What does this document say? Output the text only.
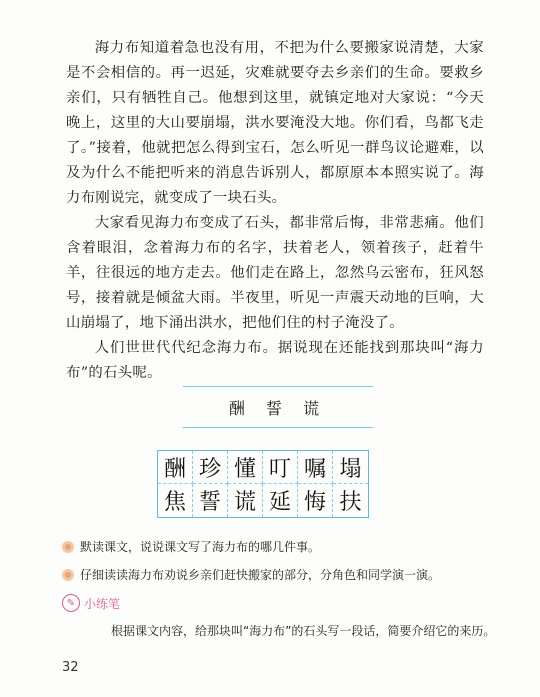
海力布知道着急也没有用，不把为什么要搬家说清楚，大家是不会相信的。再一迟延，灾难就要夺去乡亲们的生命。要救乡亲们，只有牺牲自己。他想到这里，就镇定地对大家说：“今天晚上，这里的大山要崩塌，洪水要淹没大地。你们看，鸟都飞走了。”接着，他就把怎么得到宝石，怎么听见一群鸟议论避难，以及为什么不能把听来的消息告诉别人，都原原本本照实说了。海力布刚说完，就变成了一块石头。

大家看见海力布变成了石头，都非常后悔，非常悲痛。他们含着眼泪，念着海力布的名字，扶着老人，领着孩子，赶着牛羊，往很远的地方走去。他们走在路上，忽然乌云密布，狂风怒号，接着就是倾盆大雨。半夜里，听见一声震天动地的巨响，大山崩塌了，地下涌出洪水，把他们住的村子淹没了。

人们世世代代纪念海力布。据说现在还能找到那块叫“海力布”的石头呢。

酬 誓 谎
酬 珍 懂 叮 嘱 塌
焦 誓 谎 延 悔 扶
默读课文，说说课文写了海力布的哪几件事。
仔细读读海力布劝说乡亲们赶快搬家的部分，分角色和同学演一演。
✎ 小练笔
根据课文内容，给那块叫“海力布”的石头写一段话，简要介绍它的来历。
32
